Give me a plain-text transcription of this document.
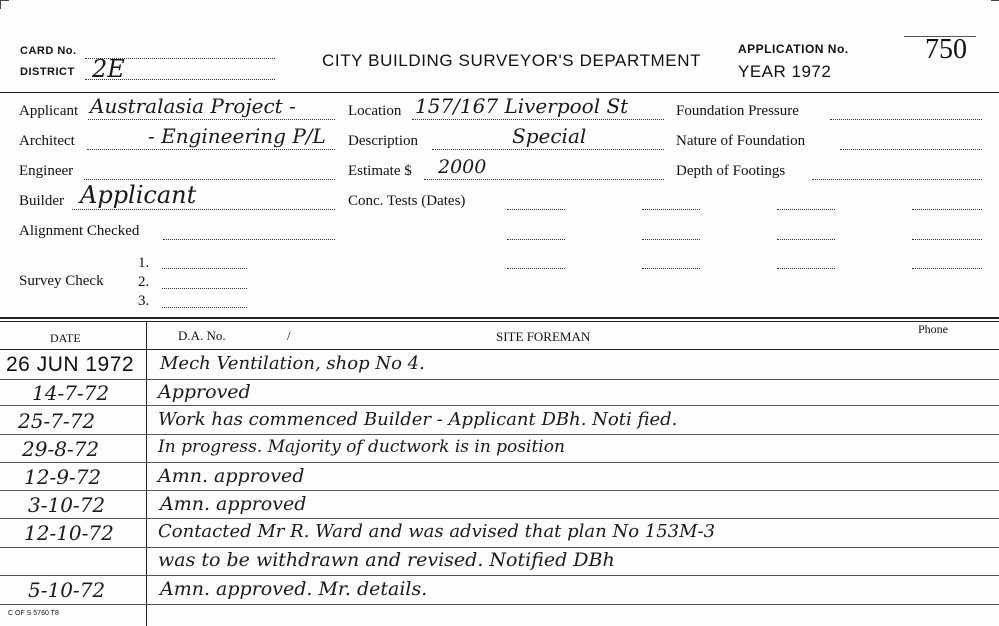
CARD No.
DISTRICT 2E	CITY BUILDING SURVEYOR'S DEPARTMENT
APPLICATION No.	750
YEAR 1972
Applicant Australasia Project -
Architect	- Engineering P/L
Engineer
Builder Applicant
Alignment Checked
Survey Check
1.
2.
3.
Location 157/167 Liverpool St
Description	Special
Estimate $ 2000
Conc. Tests (Dates)
Foundation Pressure
Nature of Foundation
Depth of Footings
DATE	D.A. No.	/	SITE FOREMAN	Phone
26 JUN 1972 Mech Ventilation, shop No 4.
14-7-72	Approved
25-7-72	Work has commenced Builder - Applicant DBh. Noti fied.
29-8-72	In progress. Majority of ductwork is in position
12-9-72	Amn. approved
3-10-72	Amn. approved
12-10-72 Contacted Mr R. Ward and was advised that plan No 153M-3
was to be withdrawn and revised. Notified DBh
5-10-72	Amn. approved. Mr. details.
C OF S 5760 T8
